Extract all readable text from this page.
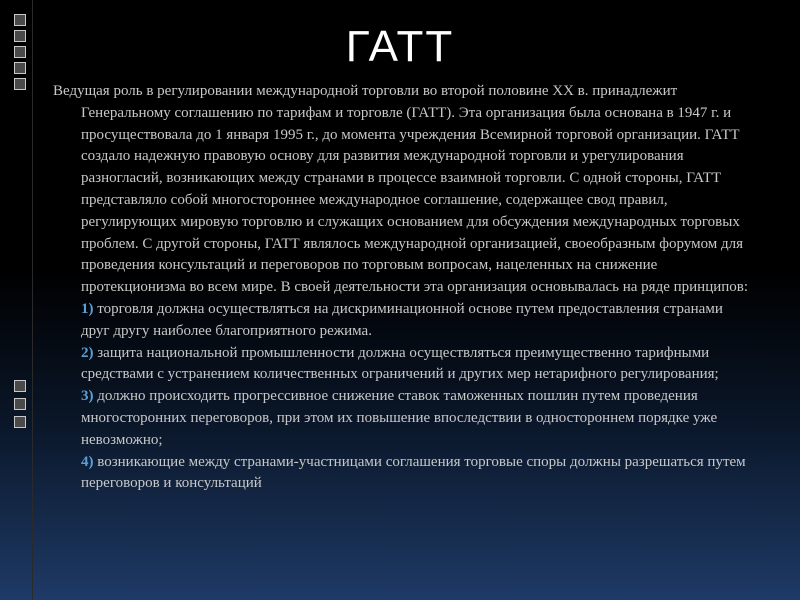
ГАТТ

Ведущая роль в регулировании международной торговли во второй половине XX в. принадлежит Генеральному соглашению по тарифам и торговле (ГАТТ). Эта организация была основана в 1947 г. и просуществовала до 1 января 1995 г., до момента учреждения Всемирной торговой организации. ГАТТ создало надежную правовую основу для развития международной торговли и урегулирования разногласий, возникающих между странами в процессе взаимной торговли. С одной стороны, ГАТТ представляло собой многостороннее международное соглашение, содержащее свод правил, регулирующих мировую торговлю и служащих основанием для обсуждения международных торговых проблем. С другой стороны, ГАТТ являлось международной организацией, своеобразным форумом для проведения консультаций и переговоров по торговым вопросам, нацеленных на снижение протекционизма во всем мире. В своей деятельности эта организация основывалась на ряде принципов:

1) торговля должна осуществляться на дискриминационной основе путем предоставления странами друг другу наиболее благоприятного режима.
2) защита национальной промышленности должна осуществляться преимущественно тарифными средствами с устранением количественных ограничений и других мер нетарифного регулирования;
3) должно происходить прогрессивное снижение ставок таможенных пошлин путем проведения многосторонних переговоров, при этом их повышение впоследствии в одностороннем порядке уже невозможно;
4) возникающие между странами-участницами соглашения торговые споры должны разрешаться путем переговоров и консультаций
